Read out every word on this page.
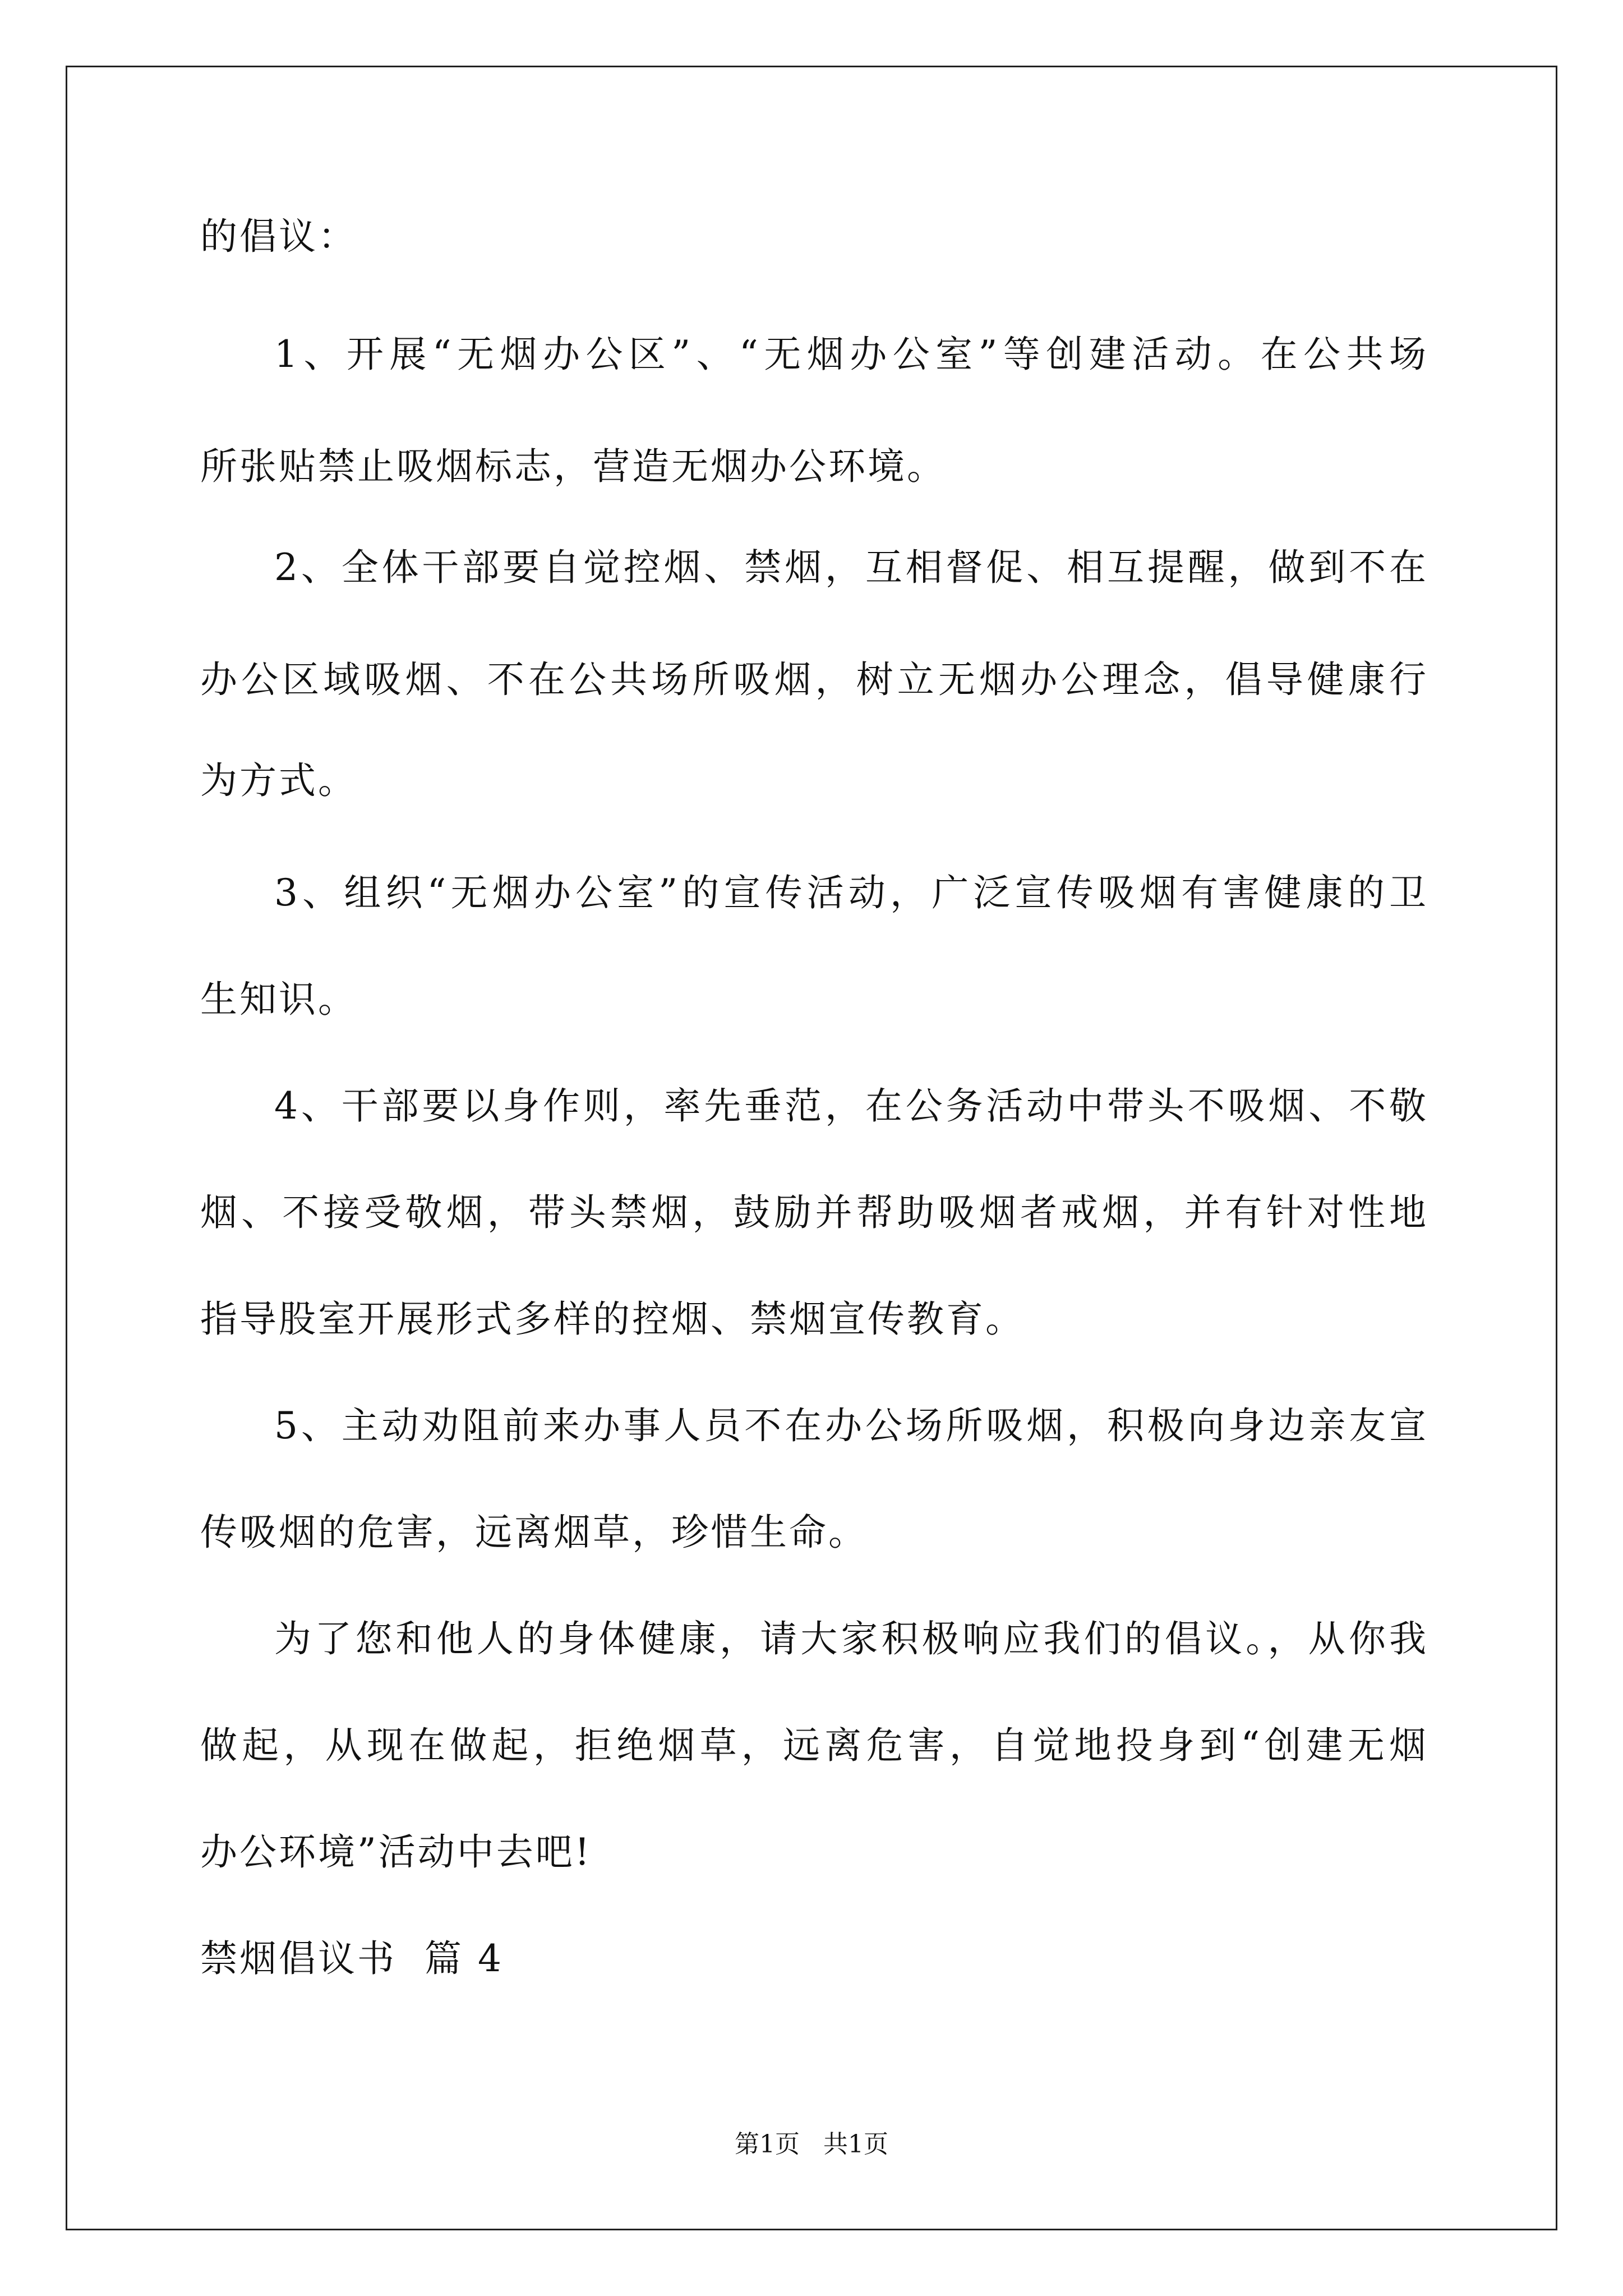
的倡议：
1、开展“无烟办公区”、“无烟办公室”等创建活动。在公共场
所张贴禁止吸烟标志，营造无烟办公环境。
2、全体干部要自觉控烟、禁烟，互相督促、相互提醒，做到不在
办公区域吸烟、不在公共场所吸烟，树立无烟办公理念，倡导健康行
为方式。
3、组织“无烟办公室”的宣传活动，广泛宣传吸烟有害健康的卫
生知识。
4、干部要以身作则，率先垂范，在公务活动中带头不吸烟、不敬
烟、不接受敬烟，带头禁烟，鼓励并帮助吸烟者戒烟，并有针对性地
指导股室开展形式多样的控烟、禁烟宣传教育。
5、主动劝阻前来办事人员不在办公场所吸烟，积极向身边亲友宣
传吸烟的危害，远离烟草，珍惜生命。
为了您和他人的身体健康，请大家积极响应我们的倡议。，从你我
做起，从现在做起，拒绝烟草，远离危害，自觉地投身到“创建无烟
办公环境”活动中去吧!
禁烟倡议书  篇 4
第1页   共1页
